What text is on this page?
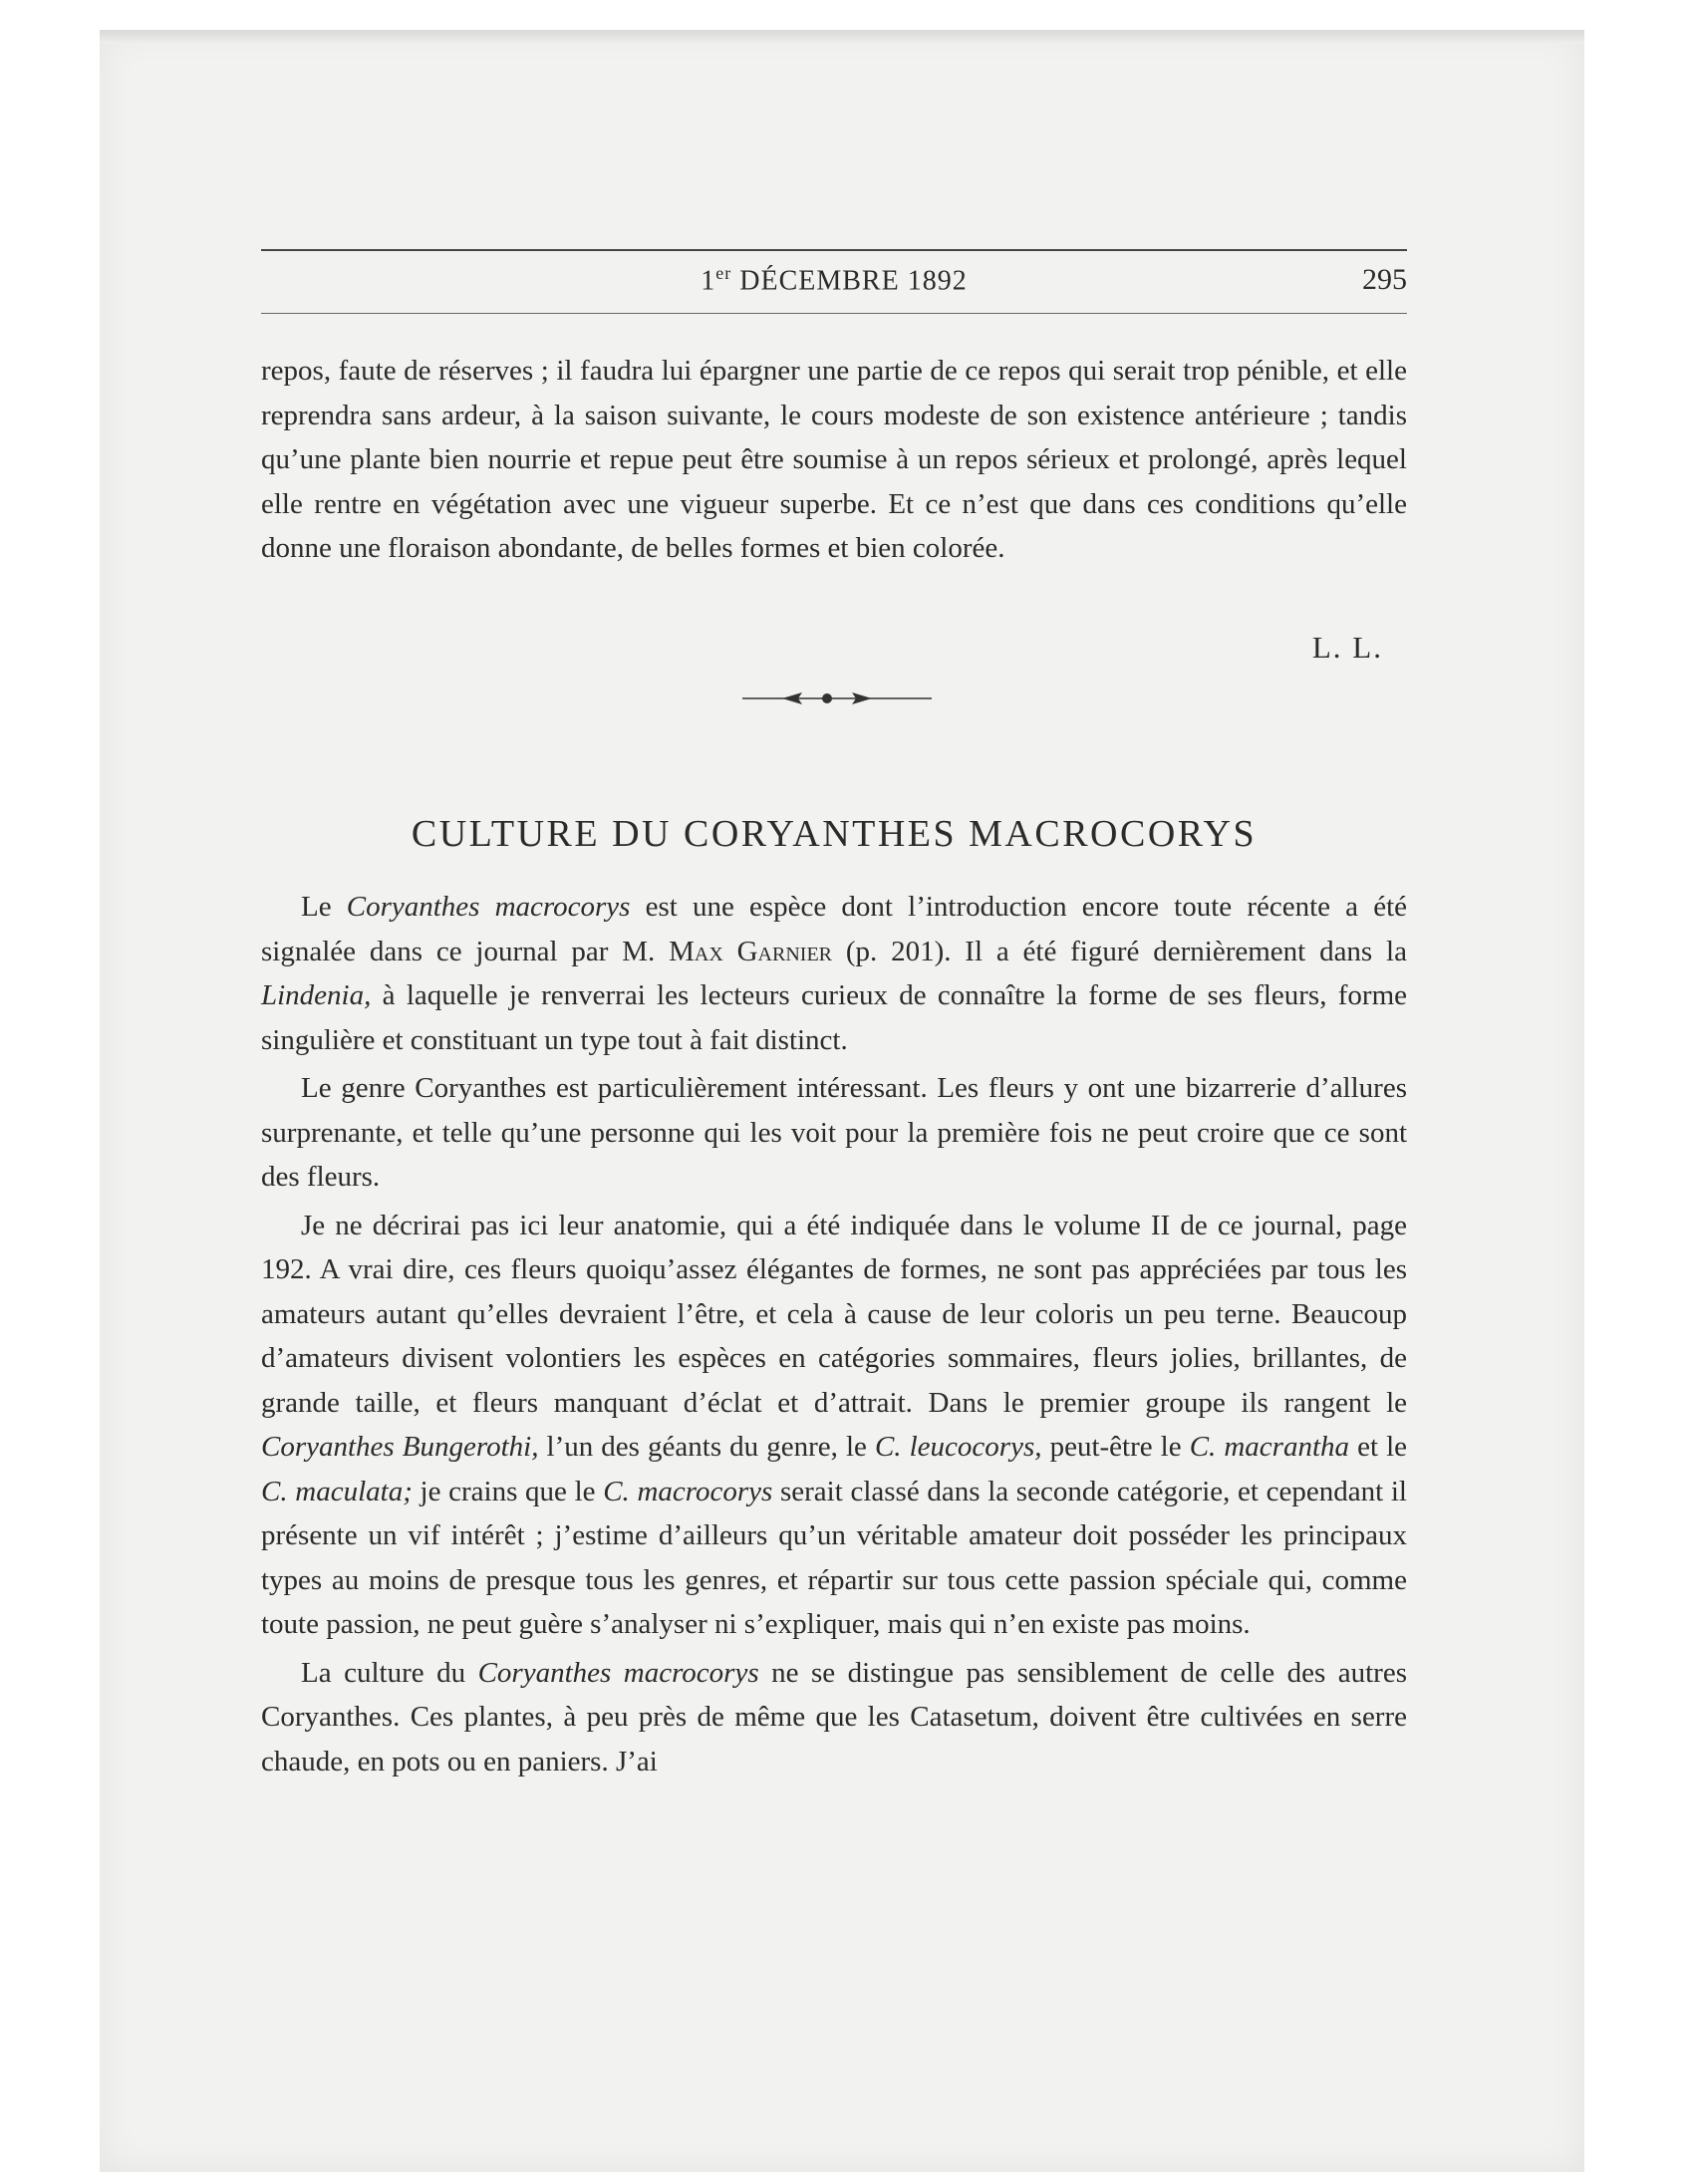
1er DÉCEMBRE 1892	295

repos, faute de réserves ; il faudra lui épargner une partie de ce repos qui serait trop pénible, et elle reprendra sans ardeur, à la saison suivante, le cours modeste de son existence antérieure ; tandis qu’une plante bien nourrie et repue peut être soumise à un repos sérieux et prolongé, après lequel elle rentre en végétation avec une vigueur superbe. Et ce n’est que dans ces conditions qu’elle donne une floraison abondante, de belles formes et bien colorée.

L. L.
CULTURE DU CORYANTHES MACROCORYS

Le Coryanthes macrocorys est une espèce dont l’introduction encore toute récente a été signalée dans ce journal par M. Max Garnier (p. 201). Il a été figuré dernièrement dans la Lindenia, à laquelle je renverrai les lecteurs curieux de connaître la forme de ses fleurs, forme singulière et constituant un type tout à fait distinct.

Le genre Coryanthes est particulièrement intéressant. Les fleurs y ont une bizarrerie d’allures surprenante, et telle qu’une personne qui les voit pour la première fois ne peut croire que ce sont des fleurs.

Je ne décrirai pas ici leur anatomie, qui a été indiquée dans le volume II de ce journal, page 192. A vrai dire, ces fleurs quoiqu’assez élégantes de formes, ne sont pas appréciées par tous les amateurs autant qu’elles devraient l’être, et cela à cause de leur coloris un peu terne. Beaucoup d’amateurs divisent volontiers les espèces en catégories sommaires, fleurs jolies, brillantes, de grande taille, et fleurs manquant d’éclat et d’attrait. Dans le premier groupe ils rangent le Coryanthes Bungerothi, l’un des géants du genre, le C. leucocorys, peut-être le C. macrantha et le C. maculata; je crains que le C. macrocorys serait classé dans la seconde catégorie, et cependant il présente un vif intérêt ; j’estime d’ailleurs qu’un véritable amateur doit posséder les principaux types au moins de presque tous les genres, et répartir sur tous cette passion spéciale qui, comme toute passion, ne peut guère s’analyser ni s’expliquer, mais qui n’en existe pas moins.

La culture du Coryanthes macrocorys ne se distingue pas sensiblement de celle des autres Coryanthes. Ces plantes, à peu près de même que les Catasetum, doivent être cultivées en serre chaude, en pots ou en paniers. J’ai
